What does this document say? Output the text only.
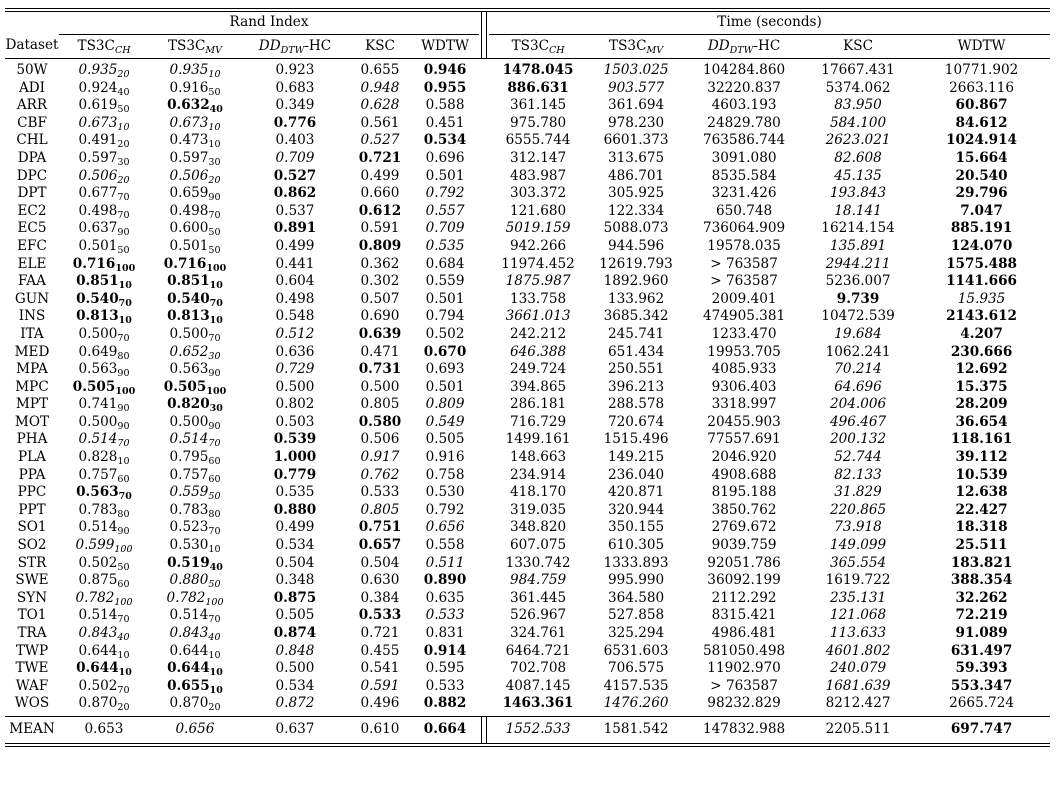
	Rand Index						Time (seconds)				
Dataset	$TS3C_{CH}$	$TS3C_{MV}$	$DD_{DTW}-HC$	KSC	WDTW		$TS3C_{CH}$	$TS3C_{MV}$	$DD_{DTW}-HC$	KSC	WDTW
50W	$0.935_{20}$	$0.935_{10}$	0.923	0.655	0.946		1478.045	1503.025	104284.860	17667.431	10771.902
ADI	$0.924_{40}$	$0.916_{50}$	0.683	0.948	0.955		886.631	903.577	32220.837	5374.062	2663.116
ARR	$0.619_{50}$	$0.632_{40}$	0.349	0.628	0.588		361.145	361.694	4603.193	83.950	60.867
CBF	$0.673_{10}$	$0.673_{10}$	0.776	0.561	0.451		975.780	978.230	24829.780	584.100	84.612
CHL	$0.491_{20}$	$0.473_{10}$	0.403	0.527	0.534		6555.744	6601.373	763586.744	2623.021	1024.914
DPA	$0.597_{30}$	$0.597_{30}$	0.709	0.721	0.696		312.147	313.675	3091.080	82.608	15.664
DPC	$0.506_{20}$	$0.506_{20}$	0.527	0.499	0.501		483.987	486.701	8535.584	45.135	20.540
DPT	$0.677_{70}$	$0.659_{90}$	0.862	0.660	0.792		303.372	305.925	3231.426	193.843	29.796
EC2	$0.498_{70}$	$0.498_{70}$	0.537	0.612	0.557		121.680	122.334	650.748	18.141	7.047
EC5	$0.637_{90}$	$0.600_{50}$	0.891	0.591	0.709		5019.159	5088.073	736064.909	16214.154	885.191
EFC	$0.501_{50}$	$0.501_{50}$	0.499	0.809	0.535		942.266	944.596	19578.035	135.891	124.070
ELE	$0.716_{100}$	$0.716_{100}$	0.441	0.362	0.684		11974.452	12619.793	> 763587	2944.211	1575.488
FAA	$0.851_{10}$	$0.851_{10}$	0.604	0.302	0.559		1875.987	1892.960	> 763587	5236.007	1141.666
GUN	$0.540_{70}$	$0.540_{70}$	0.498	0.507	0.501		133.758	133.962	2009.401	9.739	15.935
INS	$0.813_{10}$	$0.813_{10}$	0.548	0.690	0.794		3661.013	3685.342	474905.381	10472.539	2143.612
ITA	$0.500_{70}$	$0.500_{70}$	0.512	0.639	0.502		242.212	245.741	1233.470	19.684	4.207
MED	$0.649_{80}$	$0.652_{30}$	0.636	0.471	0.670		646.388	651.434	19953.705	1062.241	230.666
MPA	$0.563_{90}$	$0.563_{90}$	0.729	0.731	0.693		249.724	250.551	4085.933	70.214	12.692
MPC	$0.505_{100}$	$0.505_{100}$	0.500	0.500	0.501		394.865	396.213	9306.403	64.696	15.375
MPT	$0.741_{90}$	$0.820_{30}$	0.802	0.805	0.809		286.181	288.578	3318.997	204.006	28.209
MOT	$0.500_{90}$	$0.500_{90}$	0.503	0.580	0.549		716.729	720.674	20455.903	496.467	36.654
PHA	$0.514_{70}$	$0.514_{70}$	0.539	0.506	0.505		1499.161	1515.496	77557.691	200.132	118.161
PLA	$0.828_{10}$	$0.795_{60}$	1.000	0.917	0.916		148.663	149.215	2046.920	52.744	39.112
PPA	$0.757_{60}$	$0.757_{60}$	0.779	0.762	0.758		234.914	236.040	4908.688	82.133	10.539
PPC	$0.563_{70}$	$0.559_{50}$	0.535	0.533	0.530		418.170	420.871	8195.188	31.829	12.638
PPT	$0.783_{80}$	$0.783_{80}$	0.880	0.805	0.792		319.035	320.944	3850.762	220.865	22.427
SO1	$0.514_{90}$	$0.523_{70}$	0.499	0.751	0.656		348.820	350.155	2769.672	73.918	18.318
SO2	$0.599_{100}$	$0.530_{10}$	0.534	0.657	0.558		607.075	610.305	9039.759	149.099	25.511
STR	$0.502_{50}$	$0.519_{40}$	0.504	0.504	0.511		1330.742	1333.893	92051.786	365.554	183.821
SWE	$0.875_{60}$	$0.880_{50}$	0.348	0.630	0.890		984.759	995.990	36092.199	1619.722	388.354
SYN	$0.782_{100}$	$0.782_{100}$	0.875	0.384	0.635		361.445	364.580	2112.292	235.131	32.262
TO1	$0.514_{70}$	$0.514_{70}$	0.505	0.533	0.533		526.967	527.858	8315.421	121.068	72.219
TRA	$0.843_{40}$	$0.843_{40}$	0.874	0.721	0.831		324.761	325.294	4986.481	113.633	91.089
TWP	$0.644_{10}$	$0.644_{10}$	0.848	0.455	0.914		6464.721	6531.603	581050.498	4601.802	631.497
TWE	$0.644_{10}$	$0.644_{10}$	0.500	0.541	0.595		702.708	706.575	11902.970	240.079	59.393
WAF	$0.502_{70}$	$0.655_{10}$	0.534	0.591	0.533		4087.145	4157.535	> 763587	1681.639	553.347
WOS	$0.870_{20}$	$0.870_{20}$	0.872	0.496	0.882		1463.361	1476.260	98232.829	8212.427	2665.724
MEAN	0.653	0.656	0.637	0.610	0.664		1552.533	1581.542	147832.988	2205.511	697.747
